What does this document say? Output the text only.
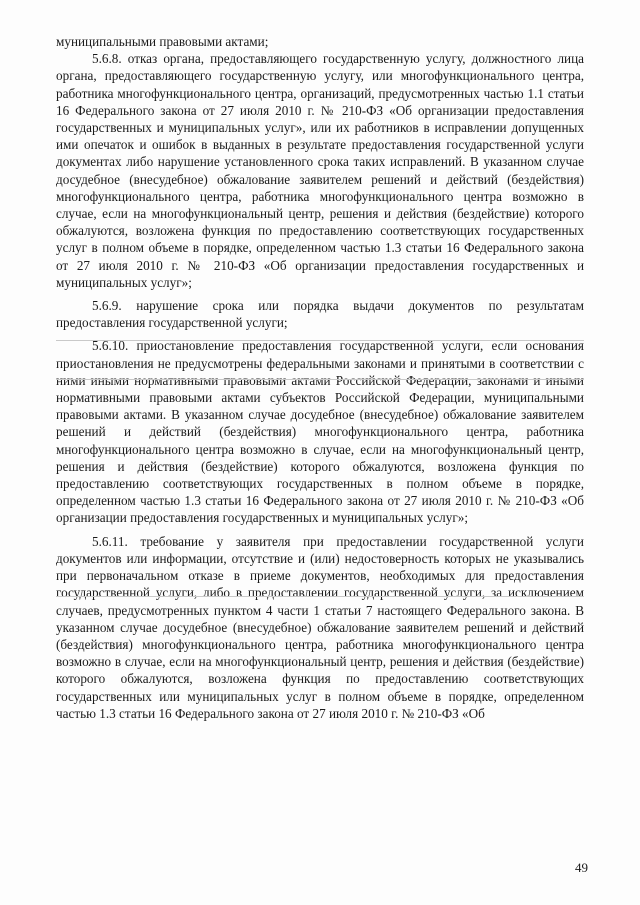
муниципальными правовыми актами;

5.6.8. отказ органа, предоставляющего государственную услугу, должностного лица органа, предоставляющего государственную услугу, или многофункционального центра, работника многофункционального центра, организаций, предусмотренных частью 1.1 статьи 16 Федерального закона от 27 июля 2010 г. № 210-ФЗ «Об организации предоставления государственных и муниципальных услуг», или их работников в исправлении допущенных ими опечаток и ошибок в выданных в результате предоставления государственной услуги документах либо нарушение установленного срока таких исправлений. В указанном случае досудебное (внесудебное) обжалование заявителем решений и действий (бездействия) многофункционального центра, работника многофункционального центра возможно в случае, если на многофункциональный центр, решения и действия (бездействие) которого обжалуются, возложена функция по предоставлению соответствующих государственных услуг в полном объеме в порядке, определенном частью 1.3 статьи 16 Федерального закона от 27 июля 2010 г. № 210-ФЗ «Об организации предоставления государственных и муниципальных услуг»;

5.6.9. нарушение срока или порядка выдачи документов по результатам предоставления государственной услуги;

5.6.10. приостановление предоставления государственной услуги, если основания приостановления не предусмотрены федеральными законами и принятыми в соответствии с ними иными нормативными правовыми актами Российской Федерации, законами и иными нормативными правовыми актами субъектов Российской Федерации, муниципальными правовыми актами. В указанном случае досудебное (внесудебное) обжалование заявителем решений и действий (бездействия) многофункционального центра, работника многофункционального центра возможно в случае, если на многофункциональный центр, решения и действия (бездействие) которого обжалуются, возложена функция по предоставлению соответствующих государственных в полном объеме в порядке, определенном частью 1.3 статьи 16 Федерального закона от 27 июля 2010 г. № 210-ФЗ «Об организации предоставления государственных и муниципальных услуг»;

5.6.11. требование у заявителя при предоставлении государственной услуги документов или информации, отсутствие и (или) недостоверность которых не указывались при первоначальном отказе в приеме документов, необходимых для предоставления государственной услуги, либо в предоставлении государственной услуги, за исключением случаев, предусмотренных пунктом 4 части 1 статьи 7 настоящего Федерального закона. В указанном случае досудебное (внесудебное) обжалование заявителем решений и действий (бездействия) многофункционального центра, работника многофункционального центра возможно в случае, если на многофункциональный центр, решения и действия (бездействие) которого обжалуются, возложена функция по предоставлению соответствующих государственных или муниципальных услуг в полном объеме в порядке, определенном частью 1.3 статьи 16 Федерального закона от 27 июля 2010 г. № 210-ФЗ «Об

49
